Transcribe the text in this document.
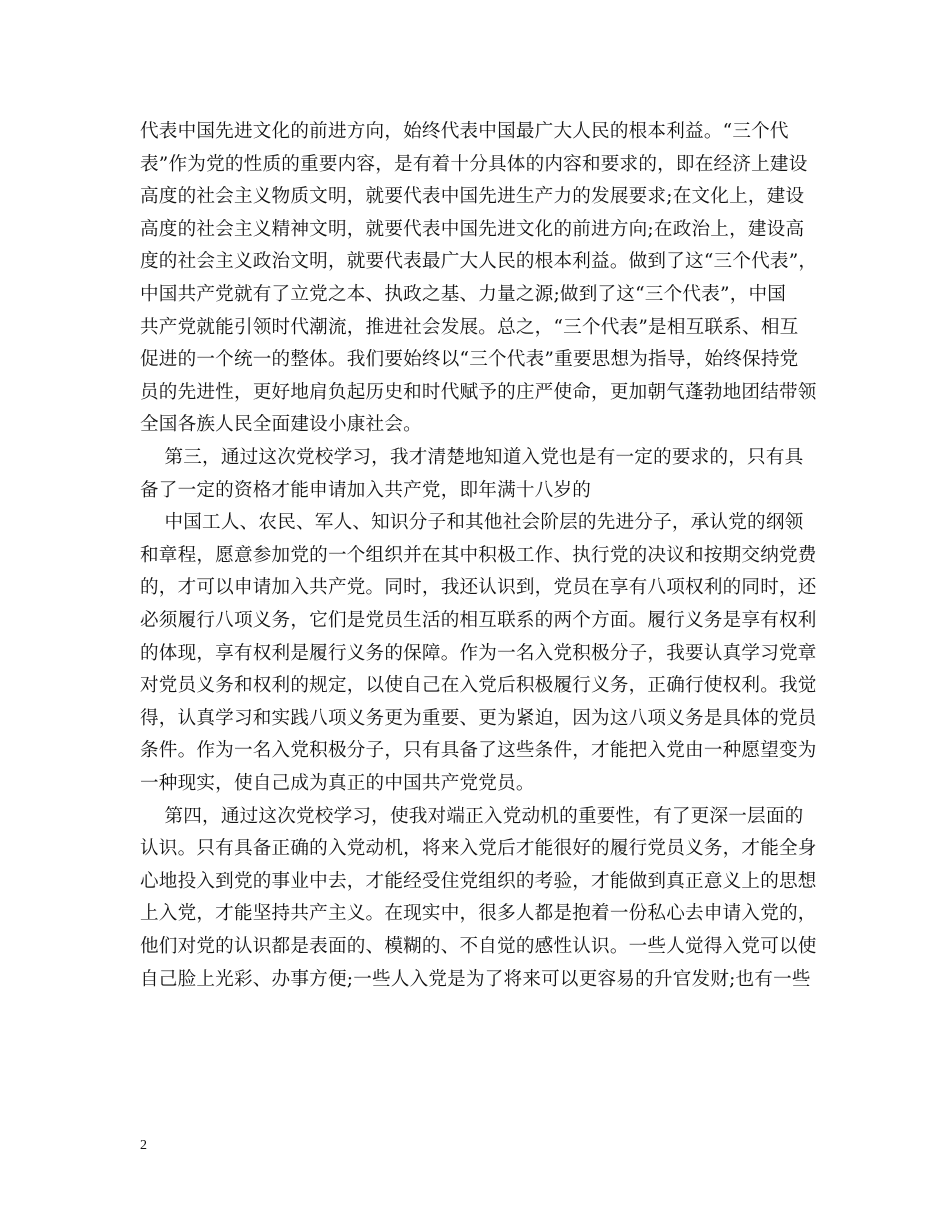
代表中国先进文化的前进方向，始终代表中国最广大人民的根本利益。“三个代
表”作为党的性质的重要内容，是有着十分具体的内容和要求的，即在经济上建设
高度的社会主义物质文明，就要代表中国先进生产力的发展要求;在文化上，建设
高度的社会主义精神文明，就要代表中国先进文化的前进方向;在政治上，建设高
度的社会主义政治文明，就要代表最广大人民的根本利益。做到了这“三个代表”，
中国共产党就有了立党之本、执政之基、力量之源;做到了这“三个代表”，中国
共产党就能引领时代潮流，推进社会发展。总之，“三个代表”是相互联系、相互
促进的一个统一的整体。我们要始终以“三个代表”重要思想为指导，始终保持党
员的先进性，更好地肩负起历史和时代赋予的庄严使命，更加朝气蓬勃地团结带领
全国各族人民全面建设小康社会。
第三，通过这次党校学习，我才清楚地知道入党也是有一定的要求的，只有具
备了一定的资格才能申请加入共产党，即年满十八岁的
中国工人、农民、军人、知识分子和其他社会阶层的先进分子，承认党的纲领
和章程，愿意参加党的一个组织并在其中积极工作、执行党的决议和按期交纳党费
的，才可以申请加入共产党。同时，我还认识到，党员在享有八项权利的同时，还
必须履行八项义务，它们是党员生活的相互联系的两个方面。履行义务是享有权利
的体现，享有权利是履行义务的保障。作为一名入党积极分子，我要认真学习党章
对党员义务和权利的规定，以使自己在入党后积极履行义务，正确行使权利。我觉
得，认真学习和实践八项义务更为重要、更为紧迫，因为这八项义务是具体的党员
条件。作为一名入党积极分子，只有具备了这些条件，才能把入党由一种愿望变为
一种现实，使自己成为真正的中国共产党党员。
第四，通过这次党校学习，使我对端正入党动机的重要性，有了更深一层面的
认识。只有具备正确的入党动机，将来入党后才能很好的履行党员义务，才能全身
心地投入到党的事业中去，才能经受住党组织的考验，才能做到真正意义上的思想
上入党，才能坚持共产主义。在现实中，很多人都是抱着一份私心去申请入党的，
他们对党的认识都是表面的、模糊的、不自觉的感性认识。一些人觉得入党可以使
自己脸上光彩、办事方便;一些人入党是为了将来可以更容易的升官发财;也有一些
2
